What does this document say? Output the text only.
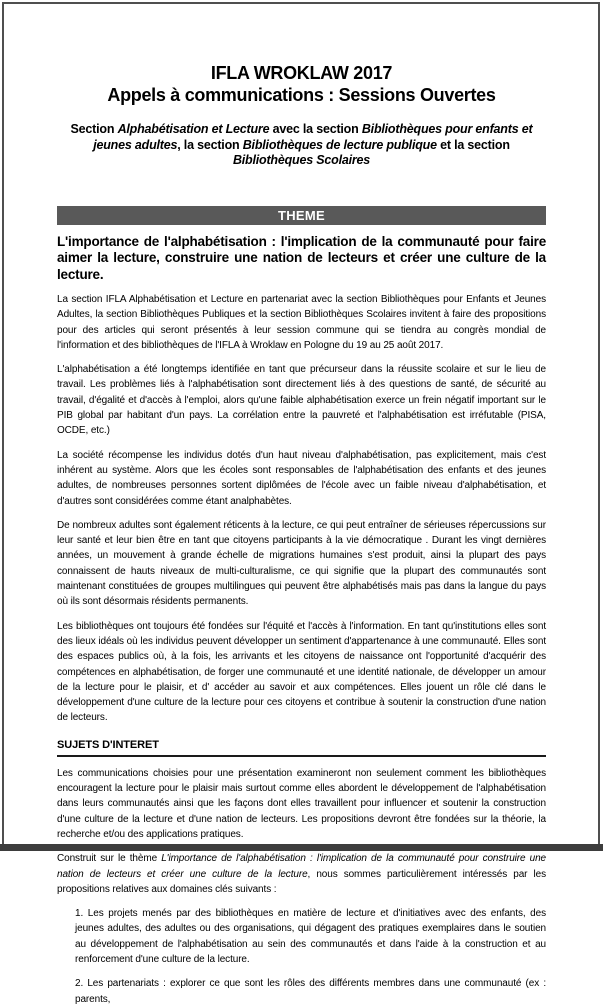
IFLA WROKLAW 2017
Appels à communications : Sessions Ouvertes

Section Alphabétisation et Lecture avec la section Bibliothèques pour enfants et jeunes adultes, la section Bibliothèques de lecture publique et la section Bibliothèques Scolaires

THEME

L'importance de l'alphabétisation : l'implication de la communauté pour faire aimer la lecture, construire une nation de lecteurs et créer une culture de la lecture.

La section IFLA Alphabétisation et Lecture en partenariat avec la section Bibliothèques pour Enfants et Jeunes Adultes, la section Bibliothèques Publiques et la section Bibliothèques Scolaires invitent à faire des propositions pour des articles qui seront présentés à leur session commune qui se tiendra au congrès mondial de l'information et des bibliothèques de l'IFLA à Wroklaw en Pologne du 19 au 25 août 2017.

L'alphabétisation a été longtemps identifiée en tant que précurseur dans la réussite scolaire et sur le lieu de travail. Les problèmes liés à l'alphabétisation sont directement liés à des questions de santé, de sécurité au travail, d'égalité et d'accès à l'emploi, alors qu'une faible alphabétisation exerce un frein négatif important sur le PIB global par habitant d'un pays. La corrélation entre la pauvreté et l'alphabétisation est irréfutable (PISA, OCDE, etc.)

La société récompense les individus dotés d'un haut niveau d'alphabétisation, pas explicitement, mais c'est inhérent au système. Alors que les écoles sont responsables de l'alphabétisation des enfants et des jeunes adultes, de nombreuses personnes sortent diplômées de l'école avec un faible niveau d'alphabétisation, et d'autres sont considérées comme étant analphabètes.

De nombreux adultes sont également réticents à la lecture, ce qui peut entraîner de sérieuses répercussions sur leur santé et leur bien être en tant que citoyens participants à la vie démocratique . Durant les vingt dernières années, un mouvement à grande échelle de migrations humaines s'est produit, ainsi la plupart des pays connaissent de hauts niveaux de multi-culturalisme, ce qui signifie que la plupart des communautés sont maintenant constituées de groupes multilingues qui peuvent être alphabétisés mais pas dans la langue du pays où ils sont désormais résidents permanents.

Les bibliothèques ont toujours été fondées sur l'équité et l'accès à l'information. En tant qu'institutions elles sont des lieux idéals où les individus peuvent développer un sentiment d'appartenance à une communauté. Elles sont des espaces publics où, à la fois, les arrivants et les citoyens de naissance ont l'opportunité d'acquérir des compétences en alphabétisation, de forger une communauté et une identité nationale, de développer un amour de la lecture pour le plaisir, et d' accéder au savoir et aux compétences. Elles jouent un rôle clé dans le développement d'une culture de la lecture pour ces citoyens et contribue à soutenir la construction d'une nation de lecteurs.

SUJETS D'INTERET

Les communications choisies pour une présentation examineront non seulement comment les bibliothèques encouragent la lecture pour le plaisir mais surtout comme elles abordent le développement de l'alphabétisation dans leurs communautés ainsi que les façons dont elles travaillent pour influencer et soutenir la construction d'une culture de la lecture et d'une nation de lecteurs. Les propositions devront être fondées sur la théorie, la recherche et/ou des applications pratiques.

Construit sur le thème L'importance de l'alphabétisation : l'implication de la communauté pour construire une nation de lecteurs et créer une culture de la lecture, nous sommes particulièrement intéressés par les propositions relatives aux domaines clés suivants :

1. Les projets menés par des bibliothèques en matière de lecture et d'initiatives avec des enfants, des jeunes adultes, des adultes ou des organisations, qui dégagent des pratiques exemplaires dans le soutien au développement de l'alphabétisation au sein des communautés et dans l'aide à la construction et au renforcement d'une culture de la lecture.

2. Les partenariats : explorer ce que sont les rôles des différents membres dans une communauté (ex : parents,
